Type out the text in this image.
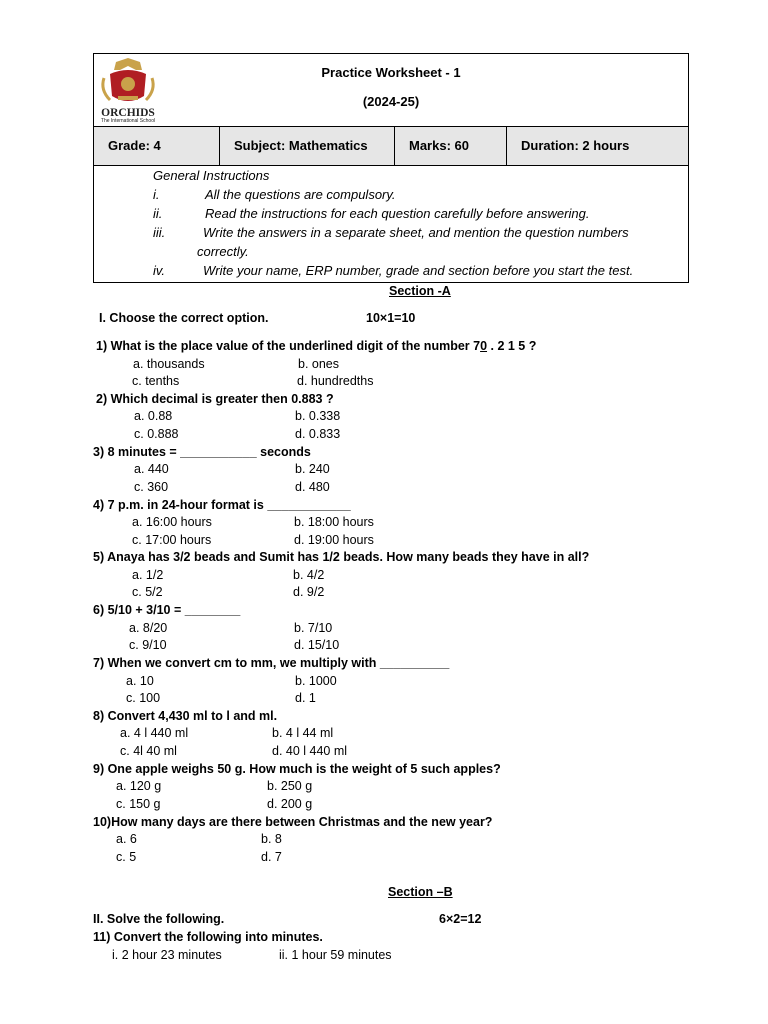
ORCHIDS
The International School
Practice Worksheet - 1
(2024-25)
Grade: 4	Subject: Mathematics	Marks: 60	Duration: 2 hours
General Instructions
i.	All the questions are compulsory.
ii.	Read the instructions for each question carefully before answering.
iii.	Write the answers in a separate sheet, and mention the question numbers
correctly.
iv.	Write your name, ERP number, grade and section before you start the test.
Section -A
I. Choose the correct option.	10×1=10
1) What is the place value of the underlined digit of the number 70 . 2 1 5 ?
a. thousands	b. ones
c. tenths	d. hundredths
2) Which decimal is greater then 0.883 ?
a. 0.88	b. 0.338
c. 0.888	d. 0.833
3) 8 minutes = ___________ seconds
a. 440	b. 240
c. 360	d. 480
4) 7 p.m. in 24-hour format is ____________
a. 16:00 hours	b. 18:00 hours
c. 17:00 hours	d. 19:00 hours
5) Anaya has 3/2 beads and Sumit has 1/2 beads. How many beads they have in all?
a. 1/2	b. 4/2
c. 5/2	d. 9/2
6) 5/10 + 3/10 = ________
a. 8/20	b. 7/10
c. 9/10	d. 15/10
7) When we convert cm to mm, we multiply with __________
a. 10	b. 1000
c. 100	d. 1
8) Convert 4,430 ml to l and ml.
a. 4 l 440 ml	b. 4 l 44 ml
c. 4l 40 ml	d. 40 l 440 ml
9) One apple weighs 50 g. How much is the weight of 5 such apples?
a. 120 g	b. 250 g
c. 150 g	d. 200 g
10)How many days are there between Christmas and the new year?
a. 6	b. 8
c. 5	d. 7
Section –B
II. Solve the following.	6×2=12
11) Convert the following into minutes.
i. 2 hour 23 minutes	ii. 1 hour 59 minutes
